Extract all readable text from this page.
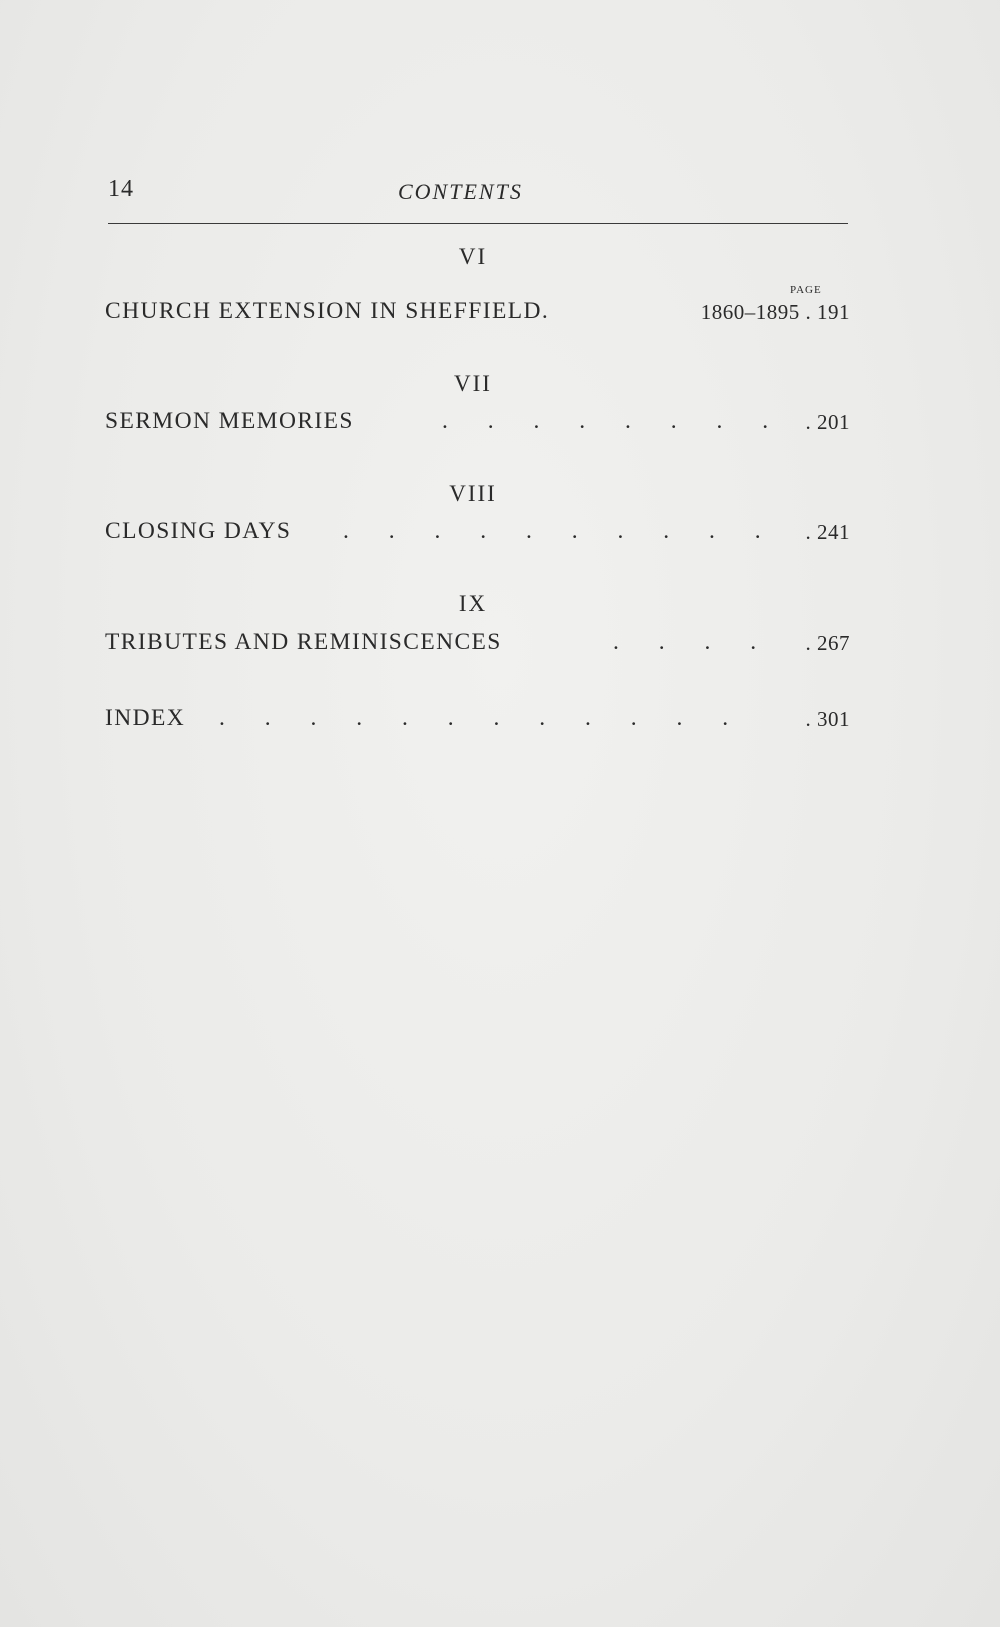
14	CONTENTS
VI
PAGE
CHURCH EXTENSION IN SHEFFIELD.	1860–1895 . 191
VII
SERMON MEMORIES	. . . . . . . . . 201
VIII
CLOSING DAYS . . . . . . . . . . . 241
IX
TRIBUTES AND REMINISCENCES	. . . . . 267
INDEX . . . . . . . . . . . .	. 301
